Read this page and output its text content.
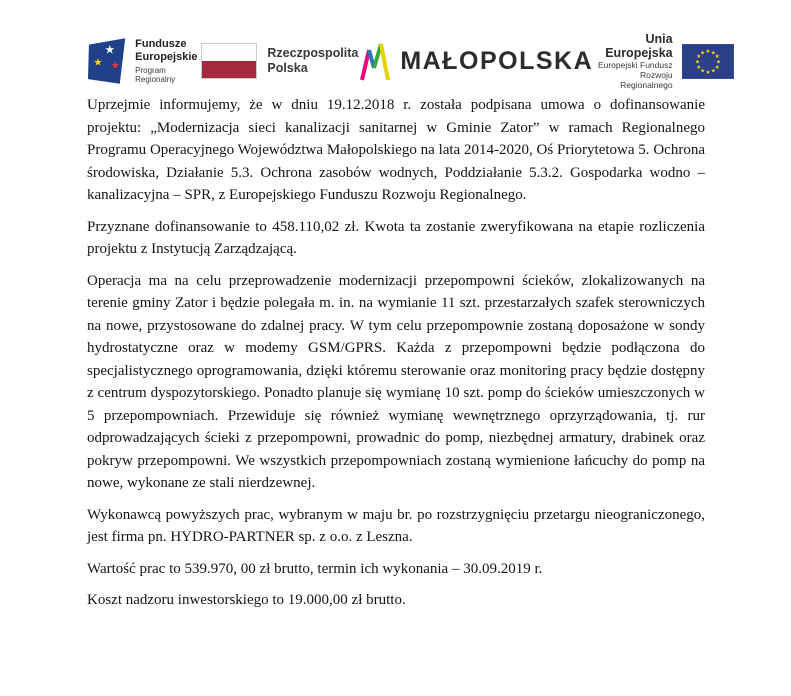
★
★ ★
Fundusze
Europejskie
Program Regionalny
Rzeczpospolita
Polska	MAŁOPOLSKA
Unia Europejska
Europejski Fundusz
Rozwoju Regionalnego
★ ★
★
★
★
★
★
★
★
★
★
★

Uprzejmie informujemy, że w dniu 19.12.2018 r. została podpisana umowa o dofinansowanie projektu: „Modernizacja sieci kanalizacji sanitarnej w Gminie Zator” w ramach Regionalnego Programu Operacyjnego Województwa Małopolskiego na lata 2014-2020, Oś Priorytetowa 5. Ochrona środowiska, Działanie 5.3. Ochrona zasobów wodnych, Poddziałanie 5.3.2. Gospodarka wodno – kanalizacyjna – SPR, z Europejskiego Funduszu Rozwoju Regionalnego.

Przyznane dofinansowanie to 458.110,02 zł. Kwota ta zostanie zweryfikowana na etapie rozliczenia projektu z Instytucją Zarządzającą.

Operacja ma na celu przeprowadzenie modernizacji przepompowni ścieków, zlokalizowanych na terenie gminy Zator i będzie polegała m. in. na wymianie 11 szt. przestarzałych szafek sterowniczych na nowe, przystosowane do zdalnej pracy. W tym celu przepompownie zostaną doposażone w sondy hydrostatyczne oraz w modemy GSM/GPRS. Każda z przepompowni będzie podłączona do specjalistycznego oprogramowania, dzięki któremu sterowanie oraz monitoring pracy będzie dostępny z centrum dyspozytorskiego. Ponadto planuje się wymianę 10 szt. pomp do ścieków umieszczonych w 5 przepompowniach. Przewiduje się również wymianę wewnętrznego oprzyrządowania, tj. rur odprowadzających ścieki z przepompowni, prowadnic do pomp, niezbędnej armatury, drabinek oraz pokryw przepompowni. We wszystkich przepompowniach zostaną wymienione łańcuchy do pomp na nowe, wykonane ze stali nierdzewnej.

Wykonawcą powyższych prac, wybranym w maju br. po rozstrzygnięciu przetargu nieograniczonego, jest firma pn. HYDRO-PARTNER sp. z o.o. z Leszna.

Wartość prac to 539.970, 00 zł brutto, termin ich wykonania – 30.09.2019 r.

Koszt nadzoru inwestorskiego to 19.000,00 zł brutto.
